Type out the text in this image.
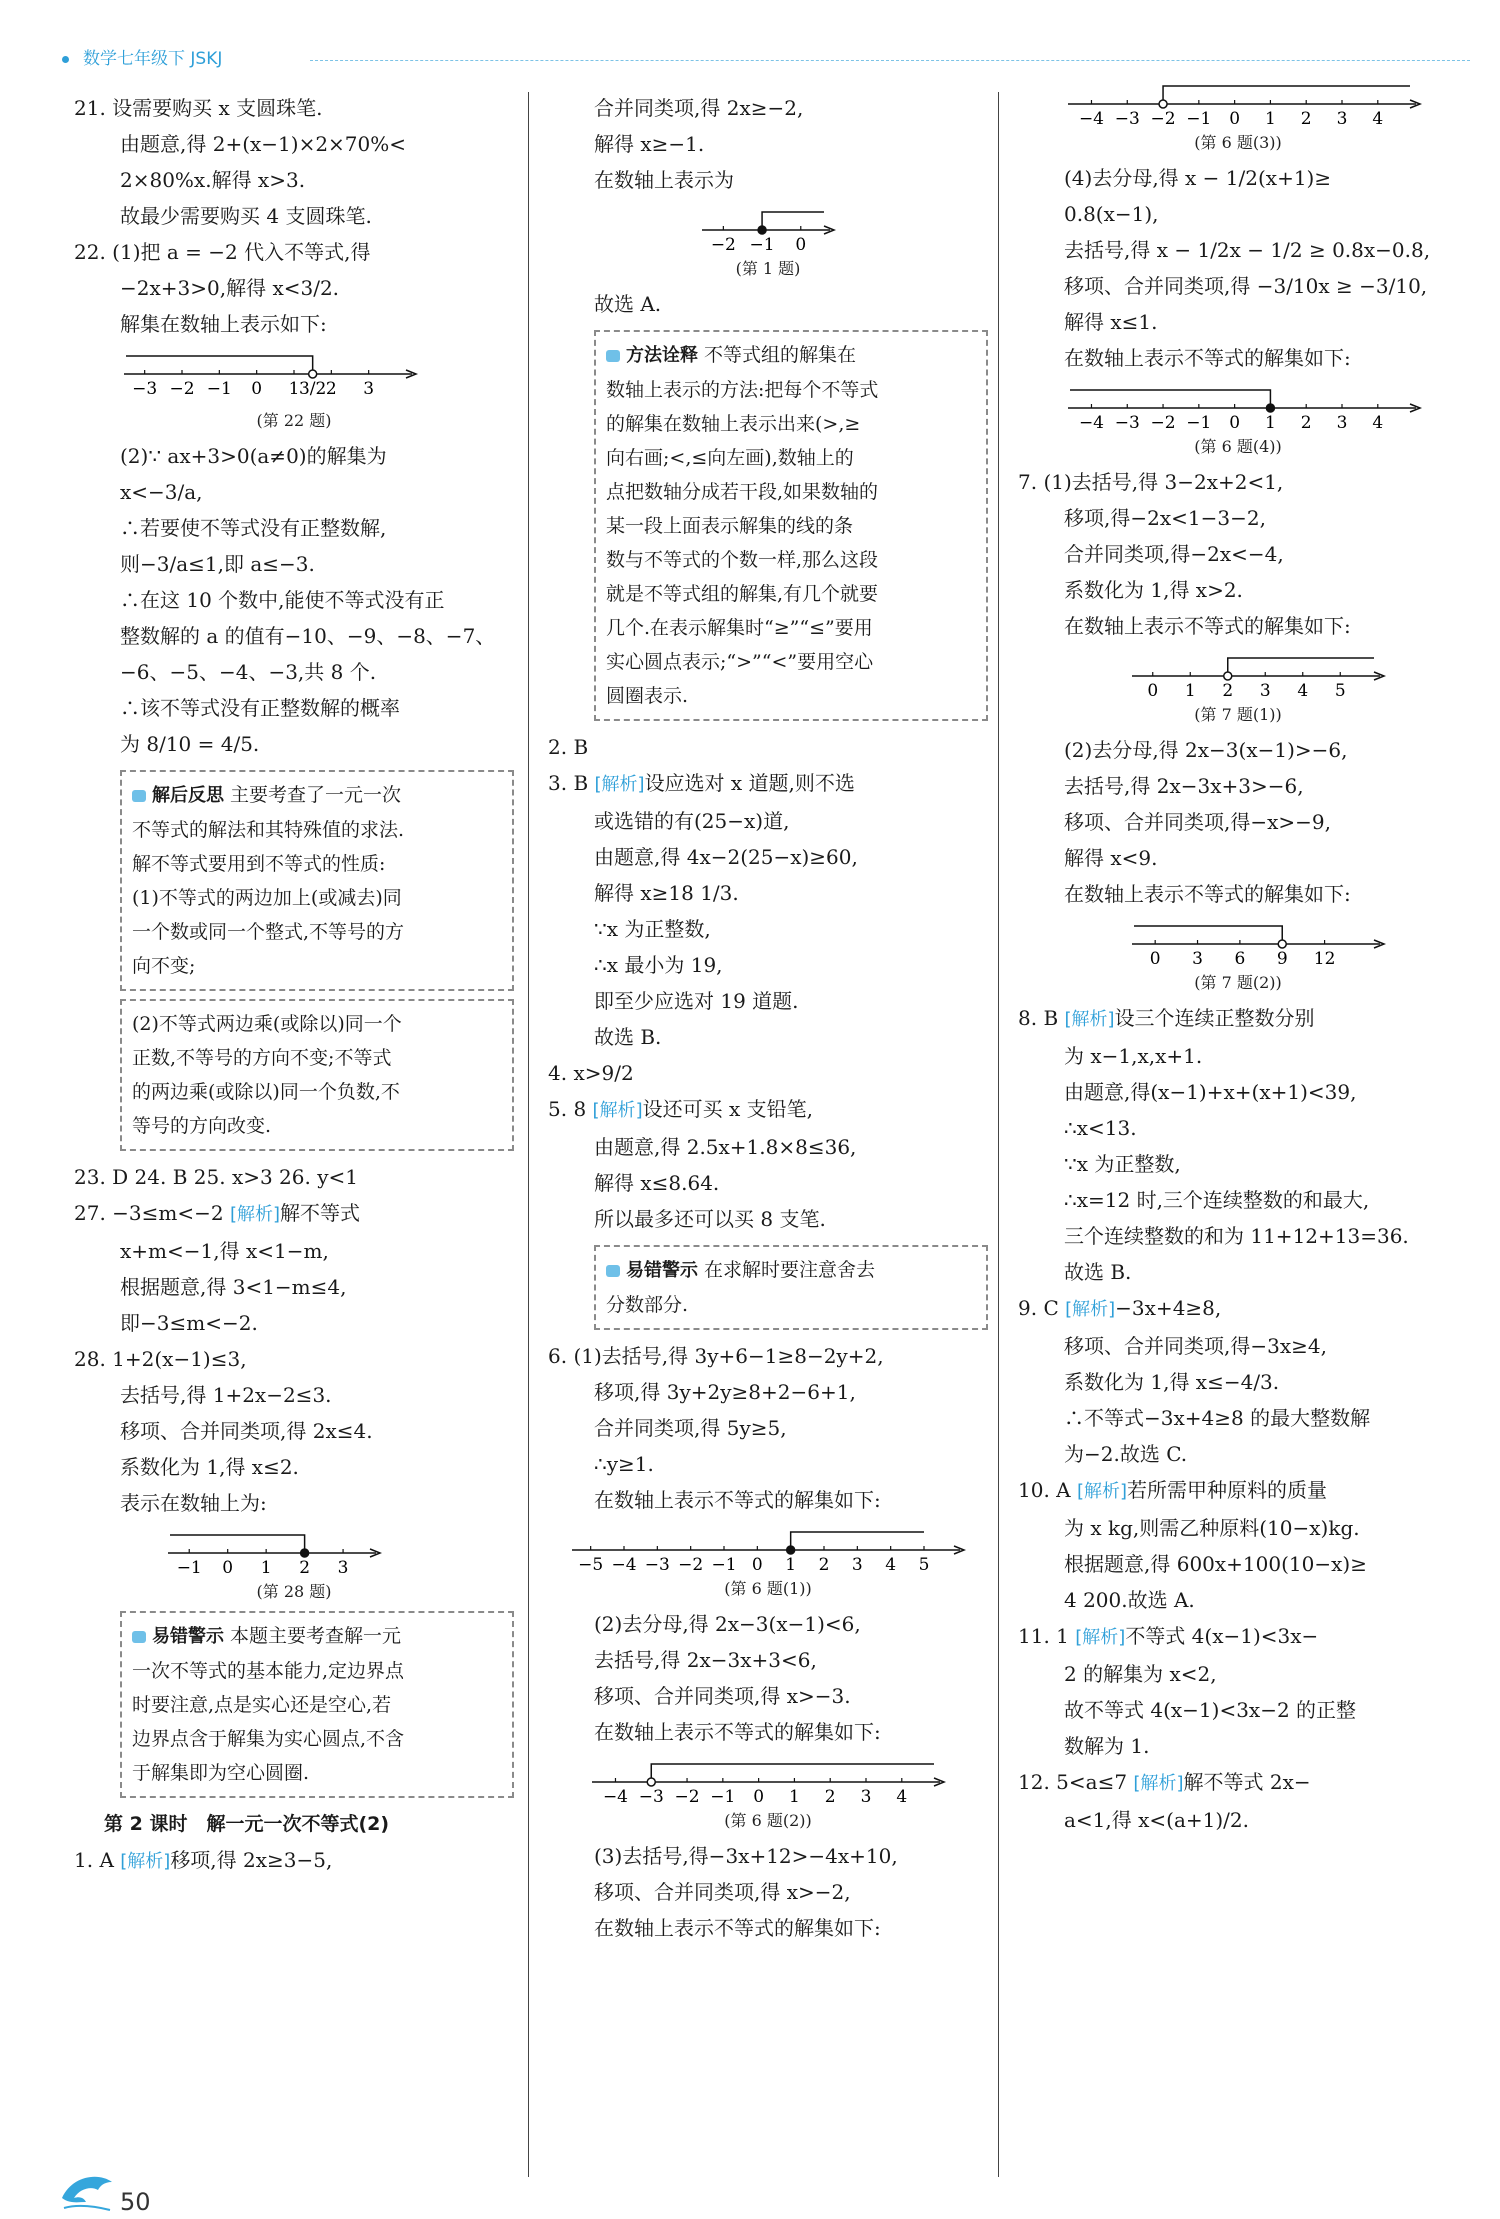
数学七年级下 JSKJ
21. 设需要购买 x 支圆珠笔.
由题意,得 2+(x−1)×2×70%<
2×80%x.解得 x>3.
故最少需要购买 4 支圆珠笔.
22. (1)把 a = −2 代入不等式,得
−2x+3>0,解得 x<3/2.
解集在数轴上表示如下:
−3 −2 −1 0 1 3/2 2 3
(第 22 题)
(2)∵ ax+3>0(a≠0)的解集为
x<−3/a,
∴若要使不等式没有正整数解,
则−3/a≤1,即 a≤−3.
∴在这 10 个数中,能使不等式没有正
整数解的 a 的值有−10、−9、−8、−7、
−6、−5、−4、−3,共 8 个.
∴该不等式没有正整数解的概率
为 8/10 = 4/5.
解后反思 主要考查了一元一次
不等式的解法和其特殊值的求法.
解不等式要用到不等式的性质:
(1)不等式的两边加上(或减去)同
一个数或同一个整式,不等号的方
向不变;
(2)不等式两边乘(或除以)同一个
正数,不等号的方向不变;不等式
的两边乘(或除以)同一个负数,不
等号的方向改变.
23. D 24. B 25. x>3 26. y<1
27. −3≤m<−2 [ 解析 ] 解不等式
x+m<−1,得 x<1−m,
根据题意,得 3<1−m≤4,
即−3≤m<−2.
28. 1+2(x−1)≤3,
去括号,得 1+2x−2≤3.
移项、合并同类项,得 2x≤4.
系数化为 1,得 x≤2.
表示在数轴上为:
−1 0 1 2 3
(第 28 题)
易错警示 本题主要考查解一元
一次不等式的基本能力,定边界点
时要注意,点是实心还是空心,若
边界点含于解集为实心圆点,不含
于解集即为空心圆圈.
第 2 课时　解一元一次不等式(2)
1. A [ 解析 ] 移项,得 2x≥3−5,
合并同类项,得 2x≥−2,
解得 x≥−1.
在数轴上表示为
−2 −1 0
(第 1 题)
故选 A.
方法诠释 不等式组的解集在
数轴上表示的方法:把每个不等式
的解集在数轴上表示出来(>,≥
向右画;<,≤向左画),数轴上的
点把数轴分成若干段,如果数轴的
某一段上面表示解集的线的条
数与不等式的个数一样,那么这段
就是不等式组的解集,有几个就要
几个.在表示解集时“≥”“≤”要用
实心圆点表示;“>”“<”要用空心
圆圈表示.
2. B
3. B [ 解析 ] 设应选对 x 道题,则不选
或选错的有(25−x)道,
由题意,得 4x−2(25−x)≥60,
解得 x≥18 1/3.
∵x 为正整数,
∴x 最小为 19,
即至少应选对 19 道题.
故选 B.
4. x>9/2
5. 8 [ 解析 ] 设还可买 x 支铅笔,
由题意,得 2.5x+1.8×8≤36,
解得 x≤8.64.
所以最多还可以买 8 支笔.
易错警示 在求解时要注意舍去
分数部分.
6. (1)去括号,得 3y+6−1≥8−2y+2,
移项,得 3y+2y≥8+2−6+1,
合并同类项,得 5y≥5,
∴y≥1.
在数轴上表示不等式的解集如下:
−5 −4 −3 −2 −1 0 1 2 3 4 5
(第 6 题(1))
(2)去分母,得 2x−3(x−1)<6,
去括号,得 2x−3x+3<6,
移项、合并同类项,得 x>−3.
在数轴上表示不等式的解集如下:
−4 −3 −2 −1 0 1 2 3 4
(第 6 题(2))
(3)去括号,得−3x+12>−4x+10,
移项、合并同类项,得 x>−2,
在数轴上表示不等式的解集如下:
−4 −3 −2 −1 0 1 2 3 4
(第 6 题(3))
(4)去分母,得 x − 1/2(x+1)≥
0.8(x−1),
去括号,得 x − 1/2x − 1/2 ≥ 0.8x−0.8,
移项、合并同类项,得 −3/10x ≥ −3/10,
解得 x≤1.
在数轴上表示不等式的解集如下:
−4 −3 −2 −1 0 1 2 3 4
(第 6 题(4))
7. (1)去括号,得 3−2x+2<1,
移项,得−2x<1−3−2,
合并同类项,得−2x<−4,
系数化为 1,得 x>2.
在数轴上表示不等式的解集如下:
0 1 2 3 4 5
(第 7 题(1))
(2)去分母,得 2x−3(x−1)>−6,
去括号,得 2x−3x+3>−6,
移项、合并同类项,得−x>−9,
解得 x<9.
在数轴上表示不等式的解集如下:
0 3 6 9 12
(第 7 题(2))
8. B [ 解析 ] 设三个连续正整数分别
为 x−1,x,x+1.
由题意,得(x−1)+x+(x+1)<39,
∴x<13.
∵x 为正整数,
∴x=12 时,三个连续整数的和最大,
三个连续整数的和为 11+12+13=36.
故选 B.
9. C [ 解析 ] −3x+4≥8,
移项、合并同类项,得−3x≥4,
系数化为 1,得 x≤−4/3.
∴不等式−3x+4≥8 的最大整数解
为−2.故选 C.
10. A [ 解析 ] 若所需甲种原料的质量
为 x kg,则需乙种原料(10−x)kg.
根据题意,得 600x+100(10−x)≥
4 200.故选 A.
11. 1 [ 解析 ] 不等式 4(x−1)<3x−
2 的解集为 x<2,
故不等式 4(x−1)<3x−2 的正整
数解为 1.
12. 5<a≤7 [ 解析 ] 解不等式 2x−
a<1,得 x<(a+1)/2.
50
